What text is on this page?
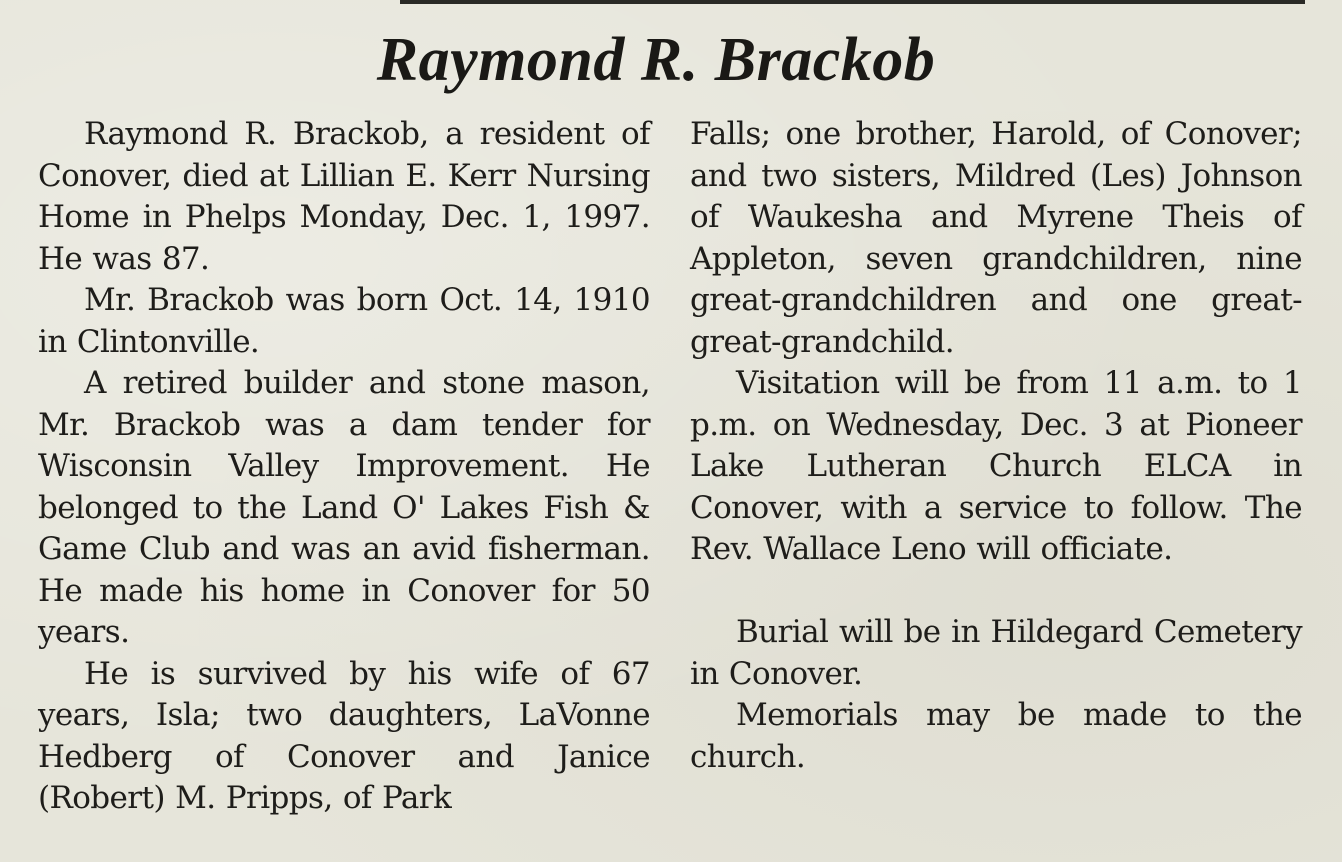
Raymond R. Brackob

Raymond R. Brackob, a resident of Conover, died at Lillian E. Kerr Nursing Home in Phelps Monday, Dec. 1, 1997. He was 87.

Mr. Brackob was born Oct. 14, 1910 in Clintonville.

A retired builder and stone mason, Mr. Brackob was a dam tender for Wisconsin Valley Improvement. He belonged to the Land O' Lakes Fish & Game Club and was an avid fisherman. He made his home in Conover for 50 years.

He is survived by his wife of 67 years, Isla; two daughters, LaVonne Hedberg of Conover and Janice (Robert) M. Pripps, of Park

Falls; one brother, Harold, of Conover; and two sisters, Mildred (Les) Johnson of Waukesha and Myrene Theis of Appleton, seven grandchildren, nine great-grandchildren and one great-great-grandchild.

Visitation will be from 11 a.m. to 1 p.m. on Wednesday, Dec. 3 at Pioneer Lake Lutheran Church ELCA in Conover, with a service to follow. The Rev. Wallace Leno will officiate.

Burial will be in Hildegard Cemetery in Conover.

Memorials may be made to the church.
